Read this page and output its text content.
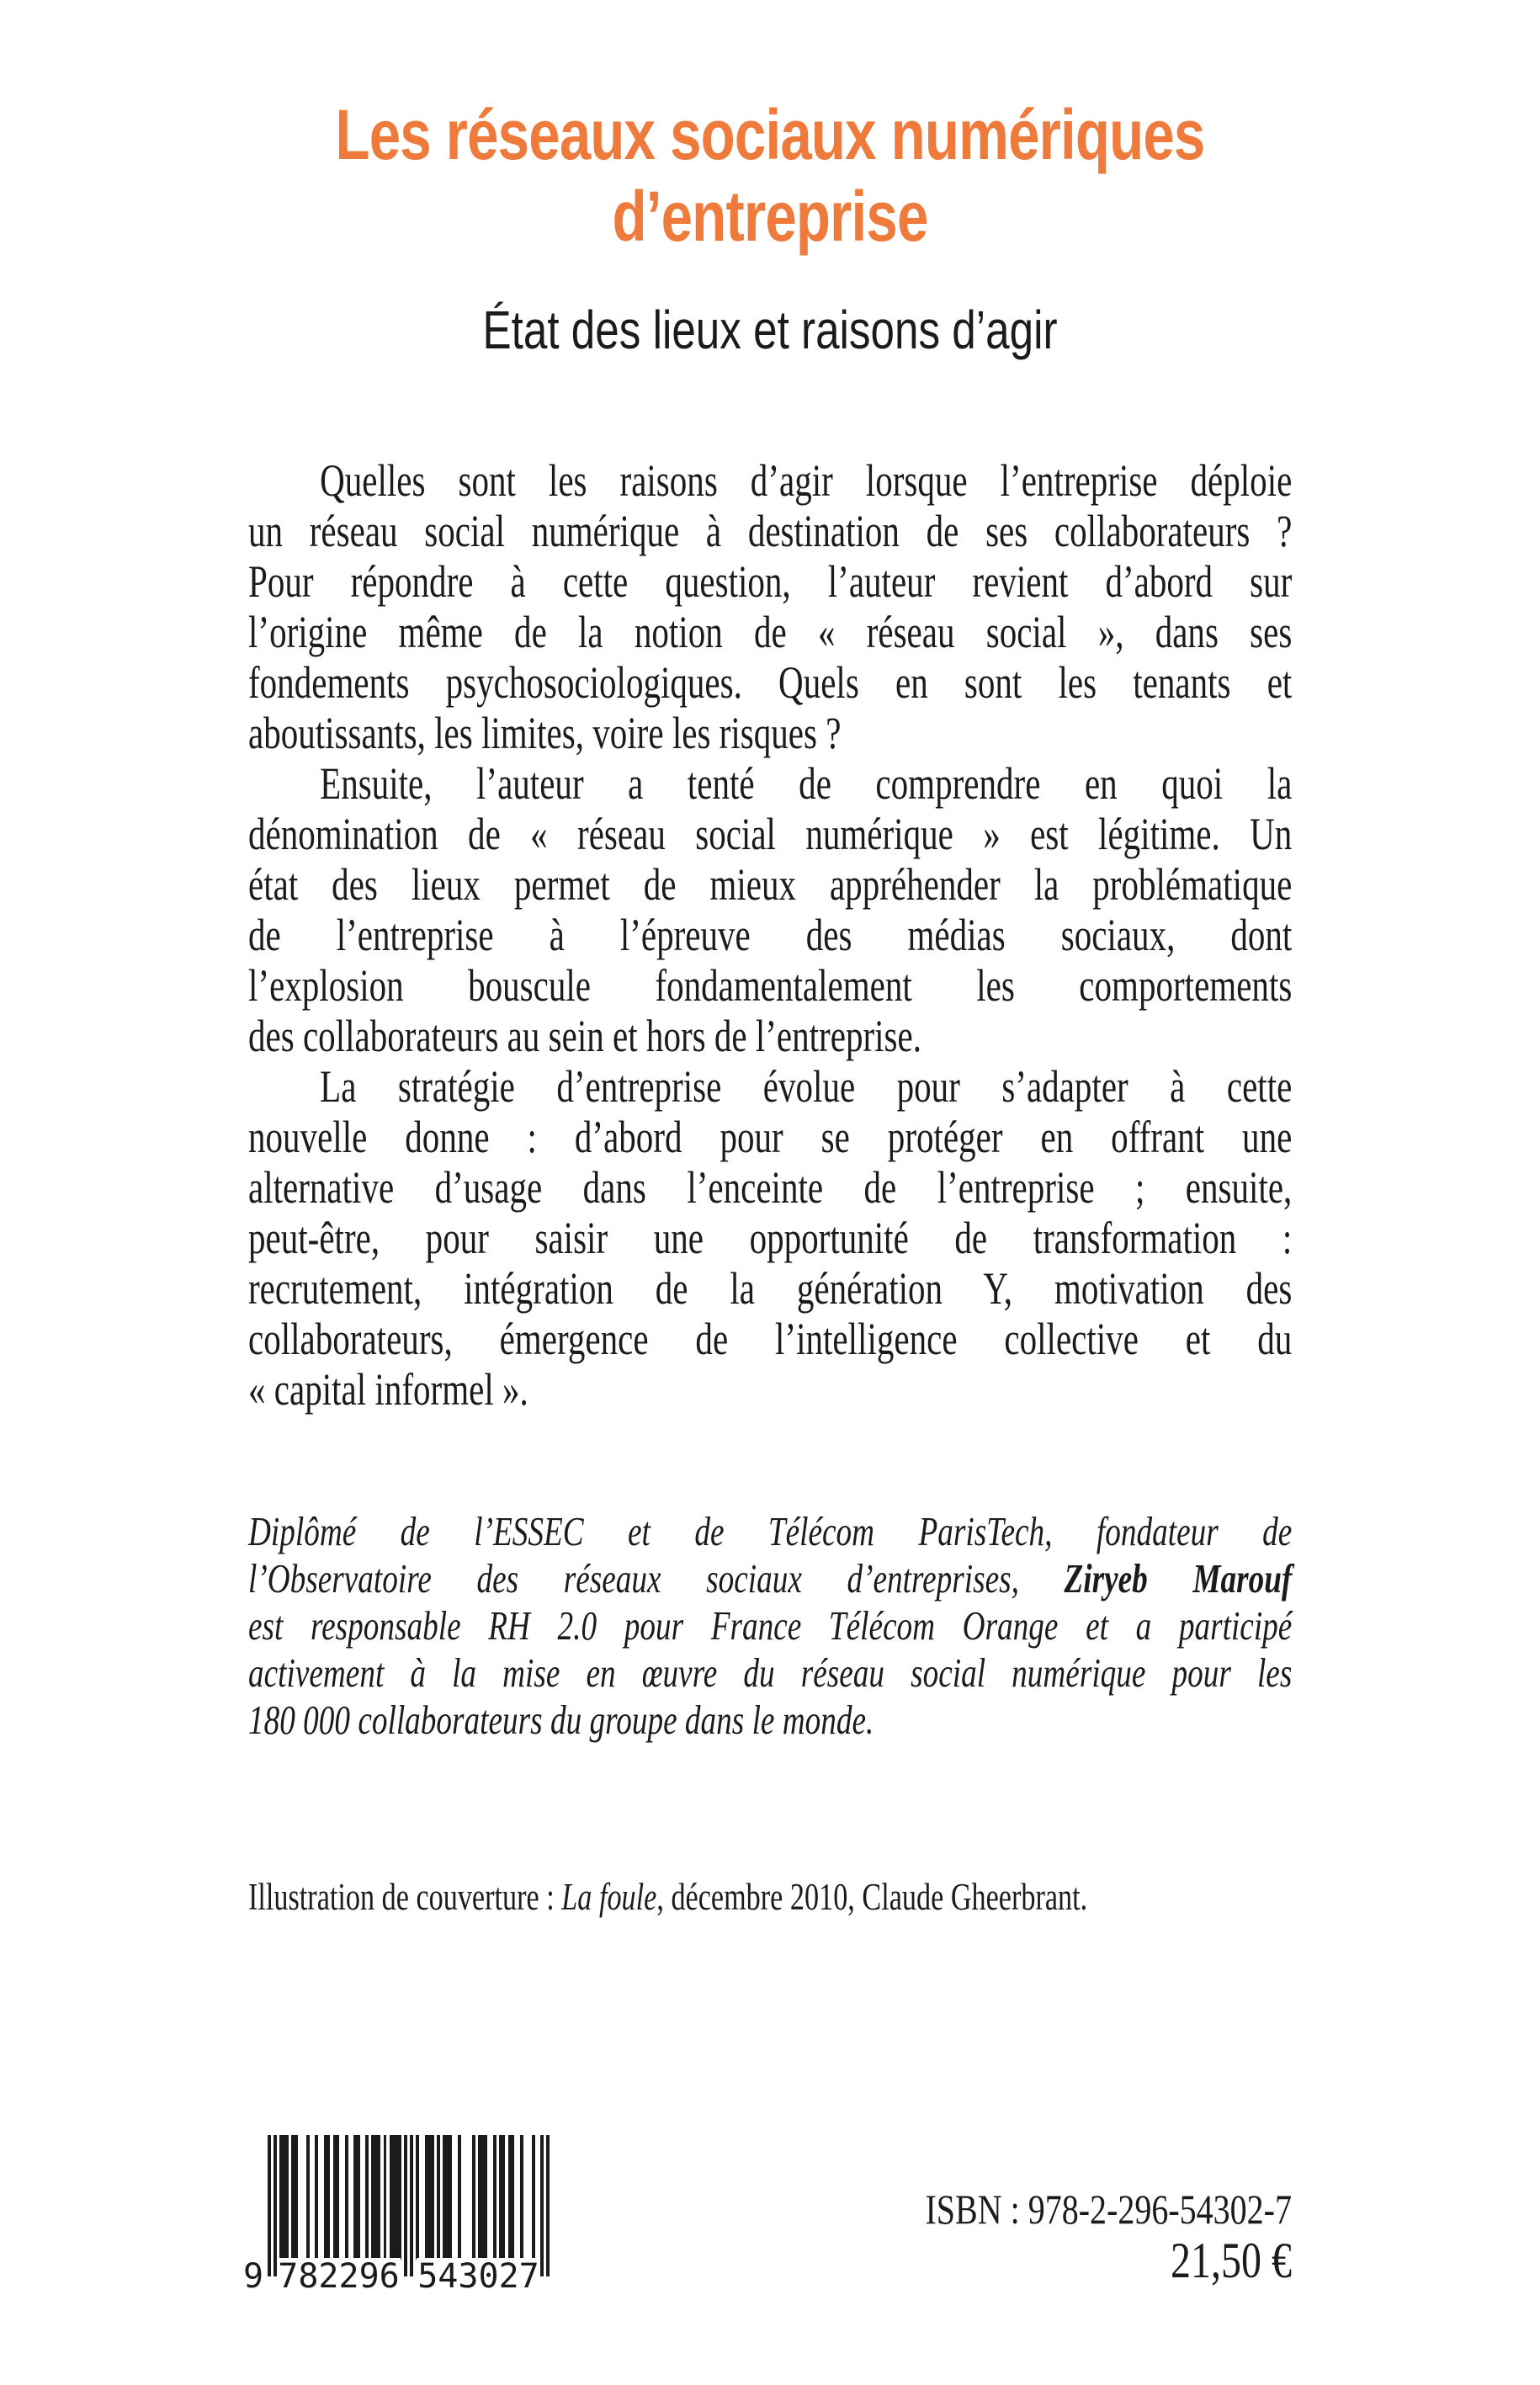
Les réseaux sociaux numériques
d’entreprise
État des lieux et raisons d’agir
Quelles sont les raisons d’agir lorsque l’entreprise déploie
un réseau social numérique à destination de ses collaborateurs ?
Pour répondre à cette question, l’auteur revient d’abord sur
l’origine même de la notion de « réseau social », dans ses
fondements psychosociologiques. Quels en sont les tenants et
aboutissants, les limites, voire les risques ?
Ensuite, l’auteur a tenté de comprendre en quoi la
dénomination de « réseau social numérique » est légitime. Un
état des lieux permet de mieux appréhender la problématique
de l’entreprise à l’épreuve des médias sociaux, dont
l’explosion bouscule fondamentalement les comportements
des collaborateurs au sein et hors de l’entreprise.
La stratégie d’entreprise évolue pour s’adapter à cette
nouvelle donne : d’abord pour se protéger en offrant une
alternative d’usage dans l’enceinte de l’entreprise ; ensuite,
peut-être, pour saisir une opportunité de transformation :
recrutement, intégration de la génération Y, motivation des
collaborateurs, émergence de l’intelligence collective et du
« capital informel ».
Diplômé de l’ESSEC et de Télécom ParisTech, fondateur de
l’Observatoire des réseaux sociaux d’entreprises, Ziryeb Marouf
est responsable RH 2.0 pour France Télécom Orange et a participé
activement à la mise en œuvre du réseau social numérique pour les
180 000 collaborateurs du groupe dans le monde.
Illustration de couverture : La foule, décembre 2010, Claude Gheerbrant.
9 782296 543027
ISBN : 978-2-296-54302-7
21,50 €
